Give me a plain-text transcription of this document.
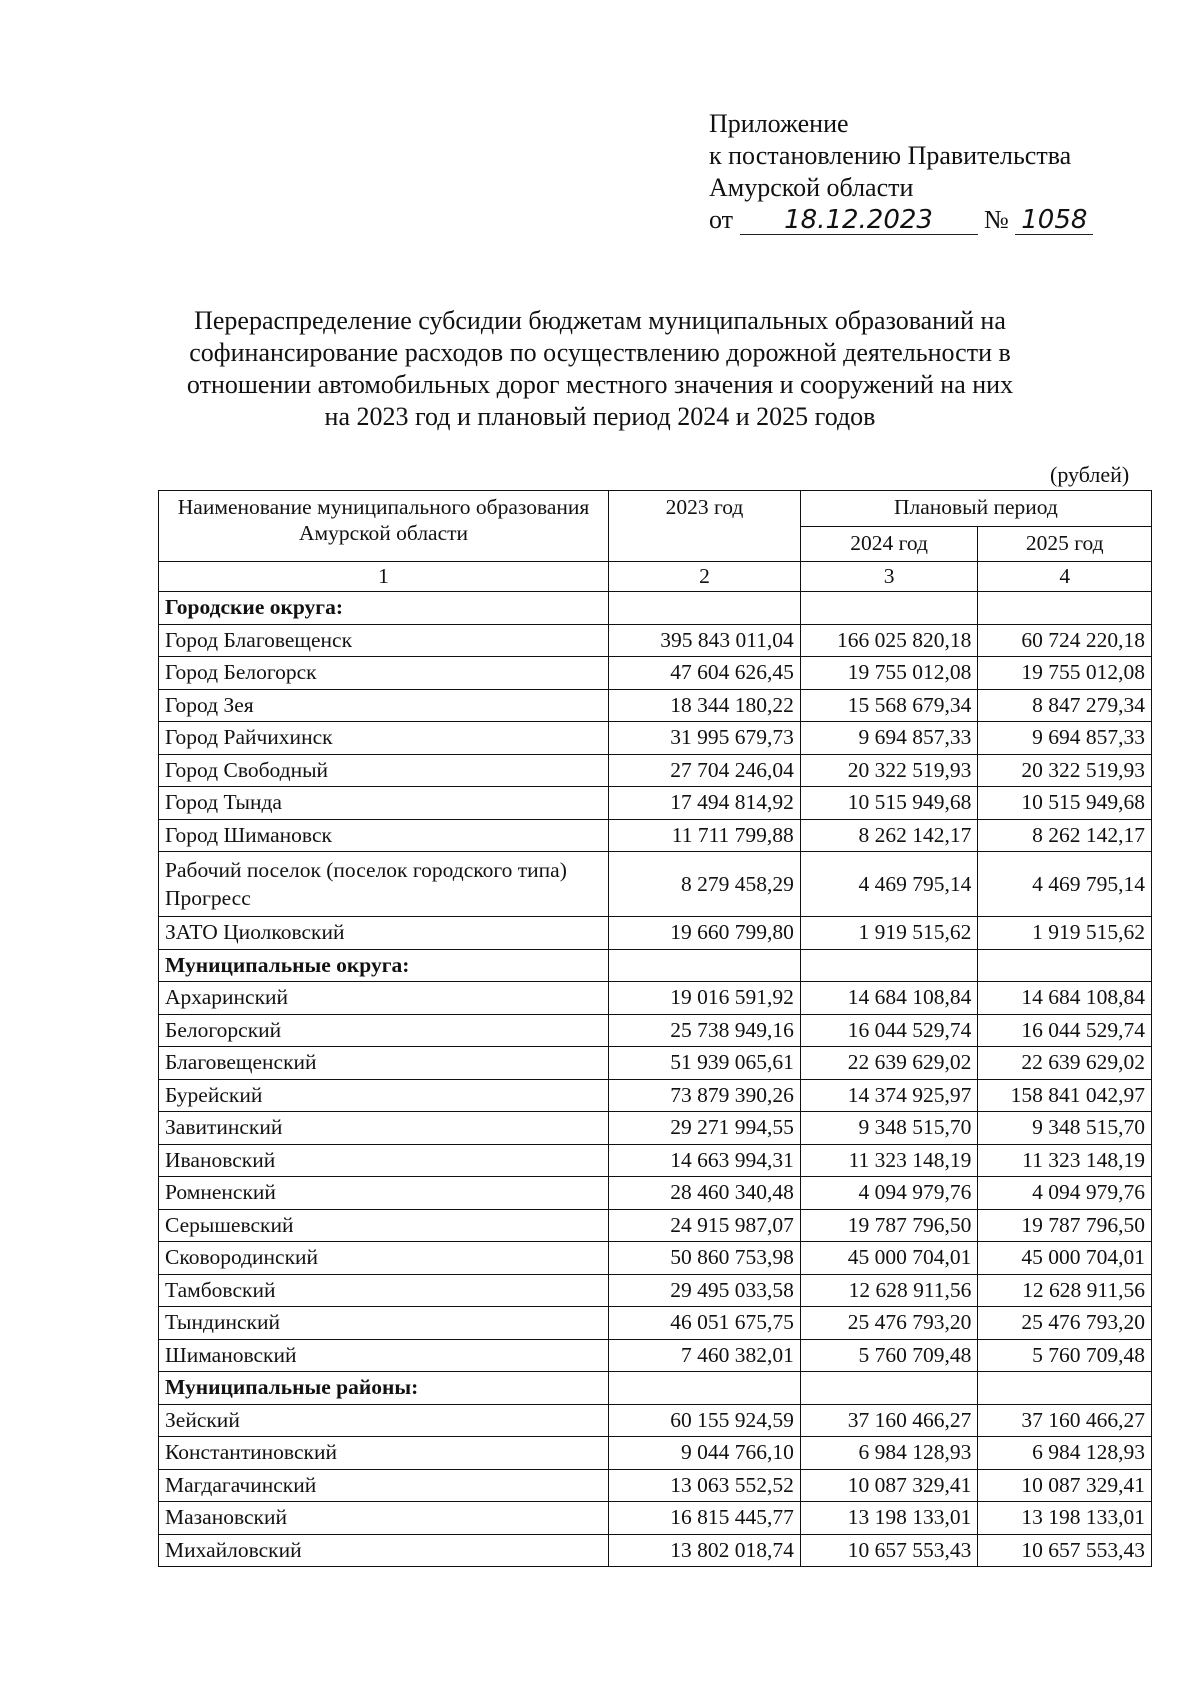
Приложение
к постановлению Правительства
Амурской области
от 18.12.2023 № 1058
Перераспределение субсидии бюджетам муниципальных образований на
софинансирование расходов по осуществлению дорожной деятельности в
отношении автомобильных дорог местного значения и сооружений на них
на 2023 год и плановый период 2024 и 2025 годов
(рублей)
Наименование муниципального образования Амурской области	2023 год	Плановый период	
		2024 год	2025 год
1	2	3	4
Городские округа:			
Город Благовещенск	395 843 011,04	166 025 820,18	60 724 220,18
Город Белогорск	47 604 626,45	19 755 012,08	19 755 012,08
Город Зея	18 344 180,22	15 568 679,34	8 847 279,34
Город Райчихинск	31 995 679,73	9 694 857,33	9 694 857,33
Город Свободный	27 704 246,04	20 322 519,93	20 322 519,93
Город Тында	17 494 814,92	10 515 949,68	10 515 949,68
Город Шимановск	11 711 799,88	8 262 142,17	8 262 142,17
Рабочий поселок (поселок городского типа) Прогресс	8 279 458,29	4 469 795,14	4 469 795,14
ЗАТО Циолковский	19 660 799,80	1 919 515,62	1 919 515,62
Муниципальные округа:			
Архаринский	19 016 591,92	14 684 108,84	14 684 108,84
Белогорский	25 738 949,16	16 044 529,74	16 044 529,74
Благовещенский	51 939 065,61	22 639 629,02	22 639 629,02
Бурейский	73 879 390,26	14 374 925,97	158 841 042,97
Завитинский	29 271 994,55	9 348 515,70	9 348 515,70
Ивановский	14 663 994,31	11 323 148,19	11 323 148,19
Ромненский	28 460 340,48	4 094 979,76	4 094 979,76
Серышевский	24 915 987,07	19 787 796,50	19 787 796,50
Сковородинский	50 860 753,98	45 000 704,01	45 000 704,01
Тамбовский	29 495 033,58	12 628 911,56	12 628 911,56
Тындинский	46 051 675,75	25 476 793,20	25 476 793,20
Шимановский	7 460 382,01	5 760 709,48	5 760 709,48
Муниципальные районы:			
Зейский	60 155 924,59	37 160 466,27	37 160 466,27
Константиновский	9 044 766,10	6 984 128,93	6 984 128,93
Магдагачинский	13 063 552,52	10 087 329,41	10 087 329,41
Мазановский	16 815 445,77	13 198 133,01	13 198 133,01
Михайловский	13 802 018,74	10 657 553,43	10 657 553,43
